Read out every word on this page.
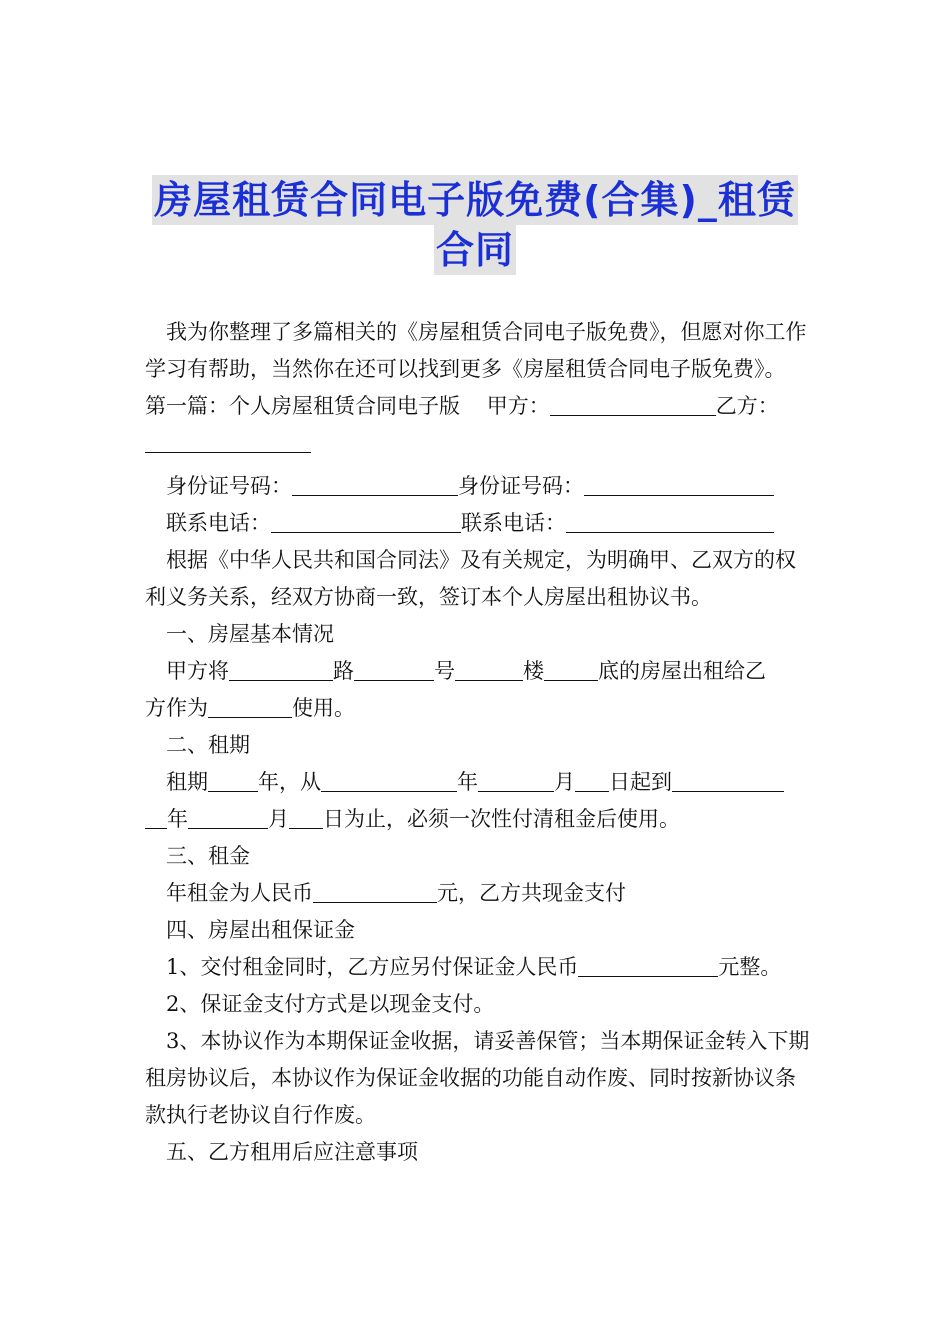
房屋租赁合同电子版免费(合集)_租赁
合同

我为你整理了多篇相关的《房屋租赁合同电子版免费》，但愿对你工作学习有帮助，当然你在还可以找到更多《房屋租赁合同电子版免费》。

第一篇：个人房屋租赁合同电子版 甲方：	乙方：

身份证号码：	身份证号码：

联系电话：	联系电话：

根据《中华人民共和国合同法》及有关规定，为明确甲、乙双方的权利义务关系，经双方协商一致，签订本个人房屋出租协议书。

一、房屋基本情况

甲方将	路	号	楼	底的房屋出租给乙

方作为	使用。

二、租期

租期 年，从	年	月 日起到

年	月 日为止，必须一次性付清租金后使用。

三、租金

年租金为人民币	元，乙方共现金支付

四、房屋出租保证金

1、交付租金同时，乙方应另付保证金人民币	元整。

2、保证金支付方式是以现金支付。

3、本协议作为本期保证金收据，请妥善保管；当本期保证金转入下期租房协议后，本协议作为保证金收据的功能自动作废、同时按新协议条款执行老协议自行作废。

五、乙方租用后应注意事项
